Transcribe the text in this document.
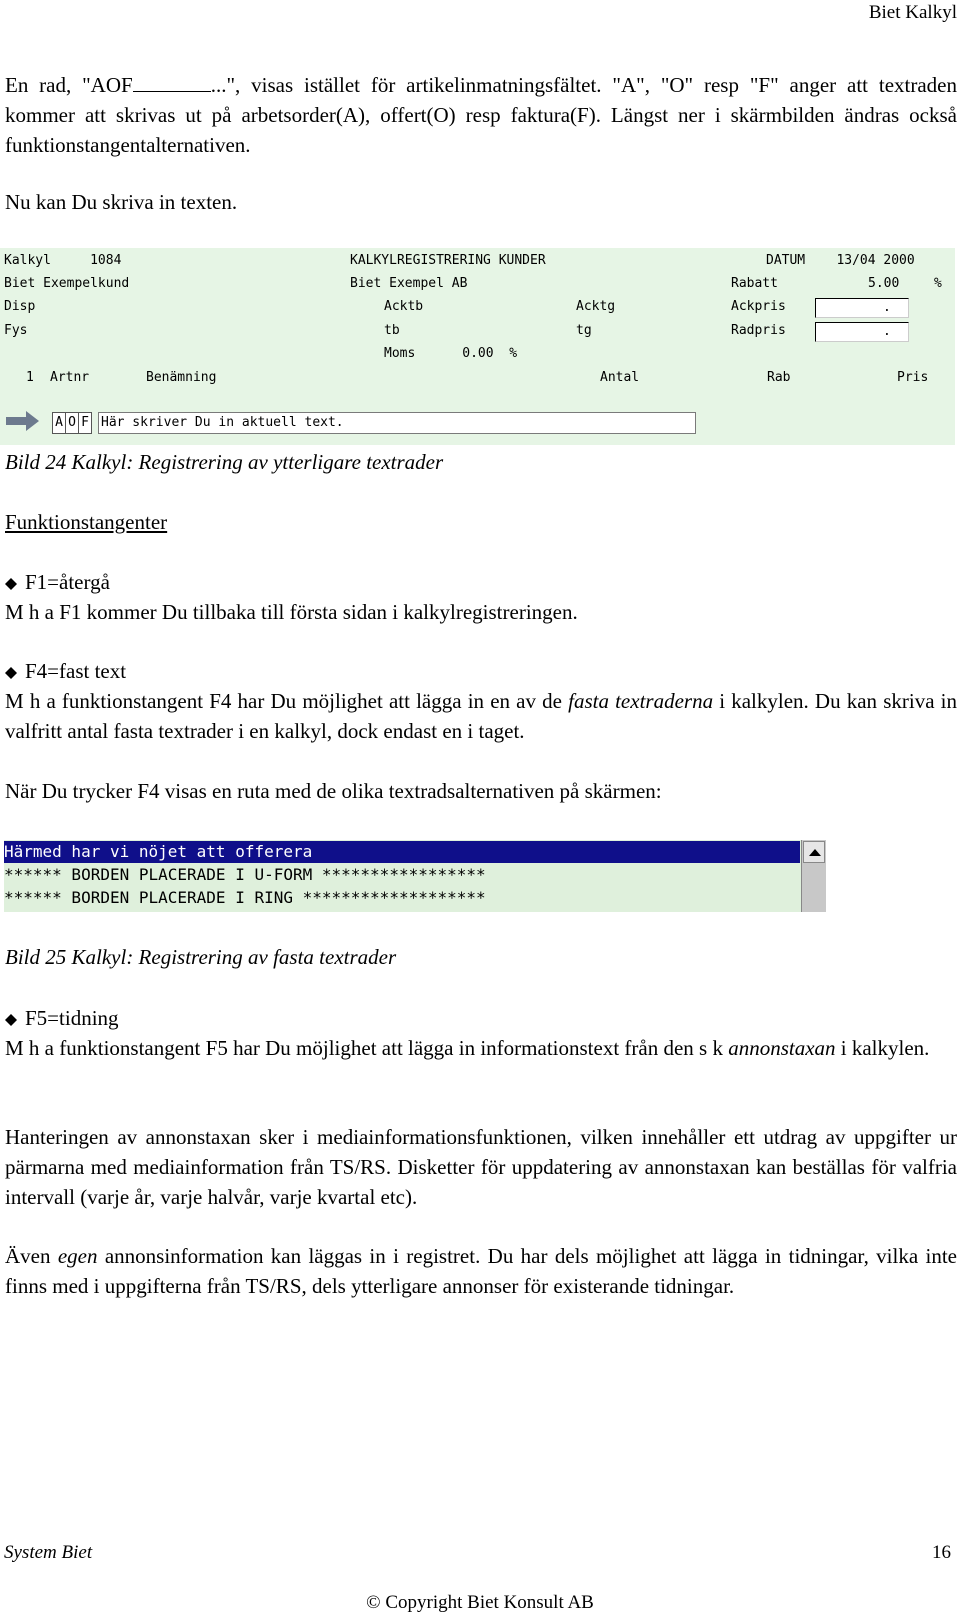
Biet Kalkyl
En rad, "AOF	...", visas istället för artikelinmatningsfältet. "A", "O" resp "F" anger att textraden kommer att skrivas ut på arbetsorder(A), offert(O) resp faktura(F). Längst ner i skärmbilden ändras också funktionstangentalternativen.
Nu kan Du skriva in texten.
Kalkyl     1084	KALKYLREGISTRERING KUNDER	DATUM    13/04 2000
Biet Exempelkund	Biet Exempel AB	Rabatt	5.00	%
Disp	Acktb	Acktg	Ackpris	.
Fys	tb	tg	Radpris	.
Moms      0.00  %
1 Artnr	Benämning	Antal	Rab	Pris
A O F Här skriver Du in aktuell text.
Bild 24 Kalkyl: Registrering av ytterligare textrader
Funktionstangenter
F1=återgå
M h a F1 kommer Du tillbaka till första sidan i kalkylregistreringen.
F4=fast text
M h a funktionstangent F4 har Du möjlighet att lägga in en av de fasta textraderna i kalkylen. Du kan skriva in valfritt antal fasta textrader i en kalkyl, dock endast en i taget.
När Du trycker F4 visas en ruta med de olika textradsalternativen på skärmen:
Härmed har vi nöjet att offerera
****** BORDEN PLACERADE I U-FORM *****************
****** BORDEN PLACERADE I RING *******************
Bild 25 Kalkyl: Registrering av fasta textrader
F5=tidning
M h a funktionstangent F5 har Du möjlighet att lägga in informationstext från den s k annonstaxan i kalkylen.
Hanteringen av annonstaxan sker i mediainformationsfunktionen, vilken innehåller ett utdrag av uppgifter ur pärmarna med mediainformation från TS/RS. Disketter för uppdatering av annonstaxan kan beställas för valfria intervall (varje år, varje halvår, varje kvartal etc).
Även egen annonsinformation kan läggas in i registret. Du har dels möjlighet att lägga in tidningar, vilka inte finns med i uppgifterna från TS/RS, dels ytterligare annonser för existerande tidningar.
System Biet	16
© Copyright Biet Konsult AB
